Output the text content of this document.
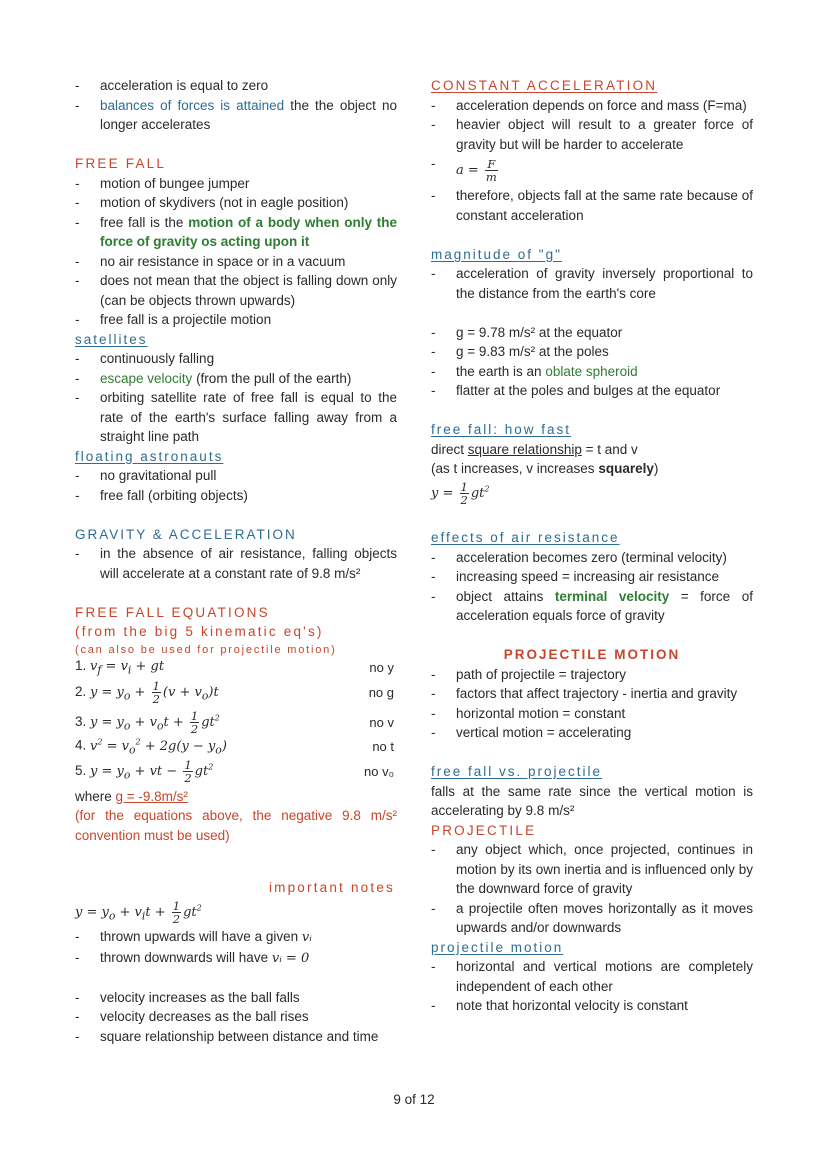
- acceleration is equal to zero
- balances of forces is attained the the object no longer accelerates
FREE FALL
- motion of bungee jumper
- motion of skydivers (not in eagle position)
- free fall is the motion of a body when only the force of gravity os acting upon it
- no air resistance in space or in a vacuum
- does not mean that the object is falling down only (can be objects thrown upwards)
- free fall is a projectile motion
satellites
- continuously falling
- escape velocity (from the pull of the earth)
- orbiting satellite rate of free fall is equal to the rate of the earth's surface falling away from a straight line path
floating astronauts
- no gravitational pull
- free fall (orbiting objects)
GRAVITY & ACCELERATION
- in the absence of air resistance, falling objects will accelerate at a constant rate of 9.8 m/s²
FREE FALL EQUATIONS
(from the big 5 kinematic eq's)
(can also be used for projectile motion)
1. $v_f = v_i$ + gt	no y
2. $y = y_o + \frac{1}{2} (v + v_o)t$	no g
3. $y = y_o + v_ot + \frac{1}{2} gt^2$	no v
4. $v^2 = v_o^2 + 2g(y - y_o)$	no t
5. $y = y_o$ + vt − $\frac{1}{2} gt^2$	no v₀
where g = -9.8m/s²
(for the equations above, the negative 9.8 m/s² convention must be used)
important notes
$y = y_o + v_it + \frac{1}{2} gt^2$
- thrown upwards will have a given vᵢ
- thrown downwards will have vᵢ = 0
- velocity increases as the ball falls
- velocity decreases as the ball rises
- square relationship between distance and time
CONSTANT ACCELERATION
- acceleration depends on force and mass (F=ma)
- heavier object will result to a greater force of gravity but will be harder to accelerate
- $a = \frac{F}{m}$
- therefore, objects fall at the same rate because of constant acceleration
magnitude of "g"
- acceleration of gravity inversely proportional to the distance from the earth's core
- g = 9.78 m/s² at the equator
- g = 9.83 m/s² at the poles
- the earth is an oblate spheroid
- flatter at the poles and bulges at the equator
free fall: how fast
direct square relationship = t and v
(as t increases, v increases squarely)
$y = \frac{1}{2} gt^2$
effects of air resistance
- acceleration becomes zero (terminal velocity)
- increasing speed = increasing air resistance
- object attains terminal velocity = force of acceleration equals force of gravity
PROJECTILE MOTION
- path of projectile = trajectory
- factors that affect trajectory - inertia and gravity
- horizontal motion = constant
- vertical motion = accelerating
free fall vs. projectile
falls at the same rate since the vertical motion is accelerating by 9.8 m/s²
PROJECTILE
- any object which, once projected, continues in motion by its own inertia and is influenced only by the downward force of gravity
- a projectile often moves horizontally as it moves upwards and/or downwards
projectile motion
- horizontal and vertical motions are completely independent of each other
- note that horizontal velocity is constant
9 of 12
